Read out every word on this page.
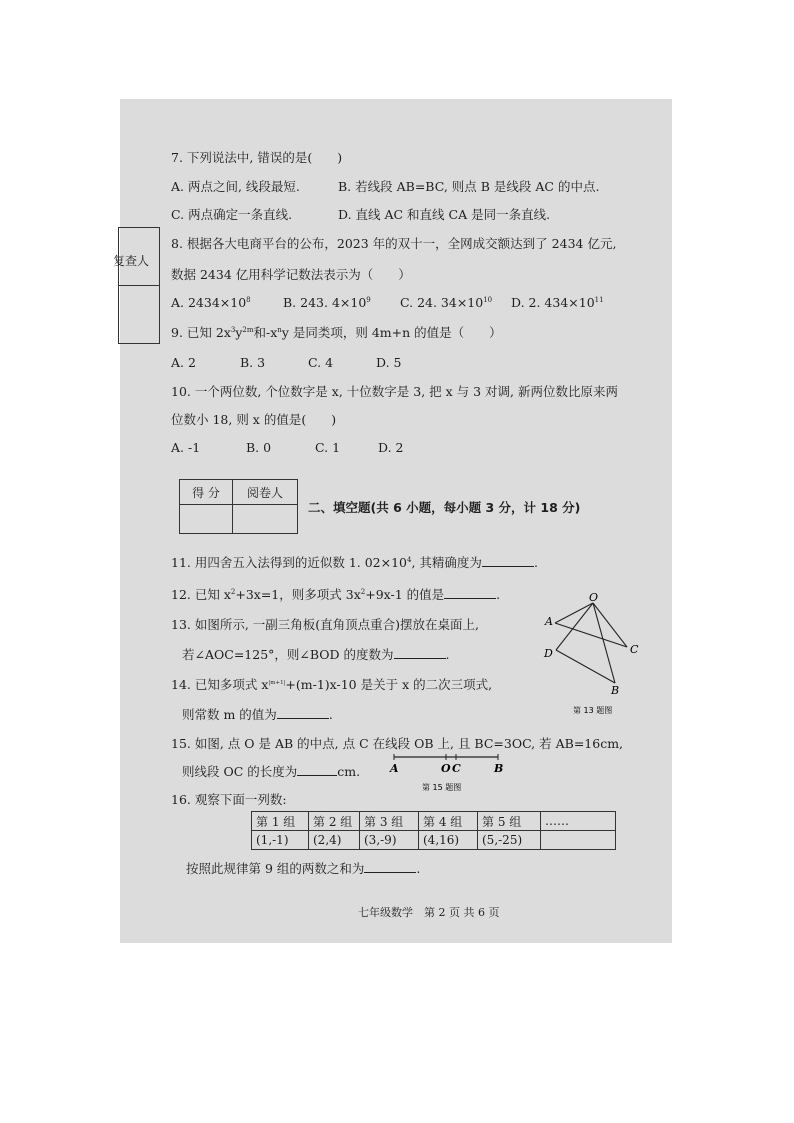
7. 下列说法中, 错误的是(　　)
A. 两点之间, 线段最短.	B. 若线段 AB=BC, 则点 B 是线段 AC 的中点.
C. 两点确定一条直线.	D. 直线 AC 和直线 CA 是同一条直线.
复查人
8. 根据各大电商平台的公布，2023 年的双十一，全网成交额达到了 2434 亿元,
数据 2434 亿用科学记数法表示为（　　）
A. $2434\times 10^8$	B. 243. $4\times 10^9$ C. 24. $34\times 10^{10}$ D. 2. $434\times 10^{11}$
9. 已知 $2x^3y^{2m}$和$-x^ny$ 是同类项，则 4m+n 的值是（　　）
A. 2	B. 3	C. 4	D. 5
10. 一个两位数, 个位数字是 x, 十位数字是 3, 把 x 与 3 对调, 新两位数比原来两
位数小 18, 则 x 的值是(　　)
A. -1	B. 0	C. 1	D. 2
得 分	阅卷人

二、填空题(共 6 小题，每小题 3 分，计 18 分)
11. 用四舍五入法得到的近似数 1. $02\times 10^4$, 其精确度为	.
12. 已知 $x^2+3x=1$，则多项式 $3x^2+9x-1$ 的值是	.
13. 如图所示, 一副三角板(直角顶点重合)摆放在桌面上,
若∠AOC=125°，则∠BOD 的度数为	.
O
A
C
D
B
第 13 题图
14. 已知多项式 $x^{|m+1|}+(m-1)x-10$ 是关于 x 的二次三项式,
则常数 m 的值为	.
15. 如图, 点 O 是 AB 的中点, 点 C 在线段 OB 上, 且 BC=3OC, 若 AB=16cm,
则线段 OC 的长度为	cm.	A	O C	B
第 15 题图
16. 观察下面一列数:
第 1 组	第 2 组	第 3 组	第 4 组	第 5 组	……
(1,-1)	(2,4)	(3,-9)	(4,16)	(5,-25)	
按照此规律第 9 组的两数之和为	.
七年级数学　第 2 页 共 6 页
